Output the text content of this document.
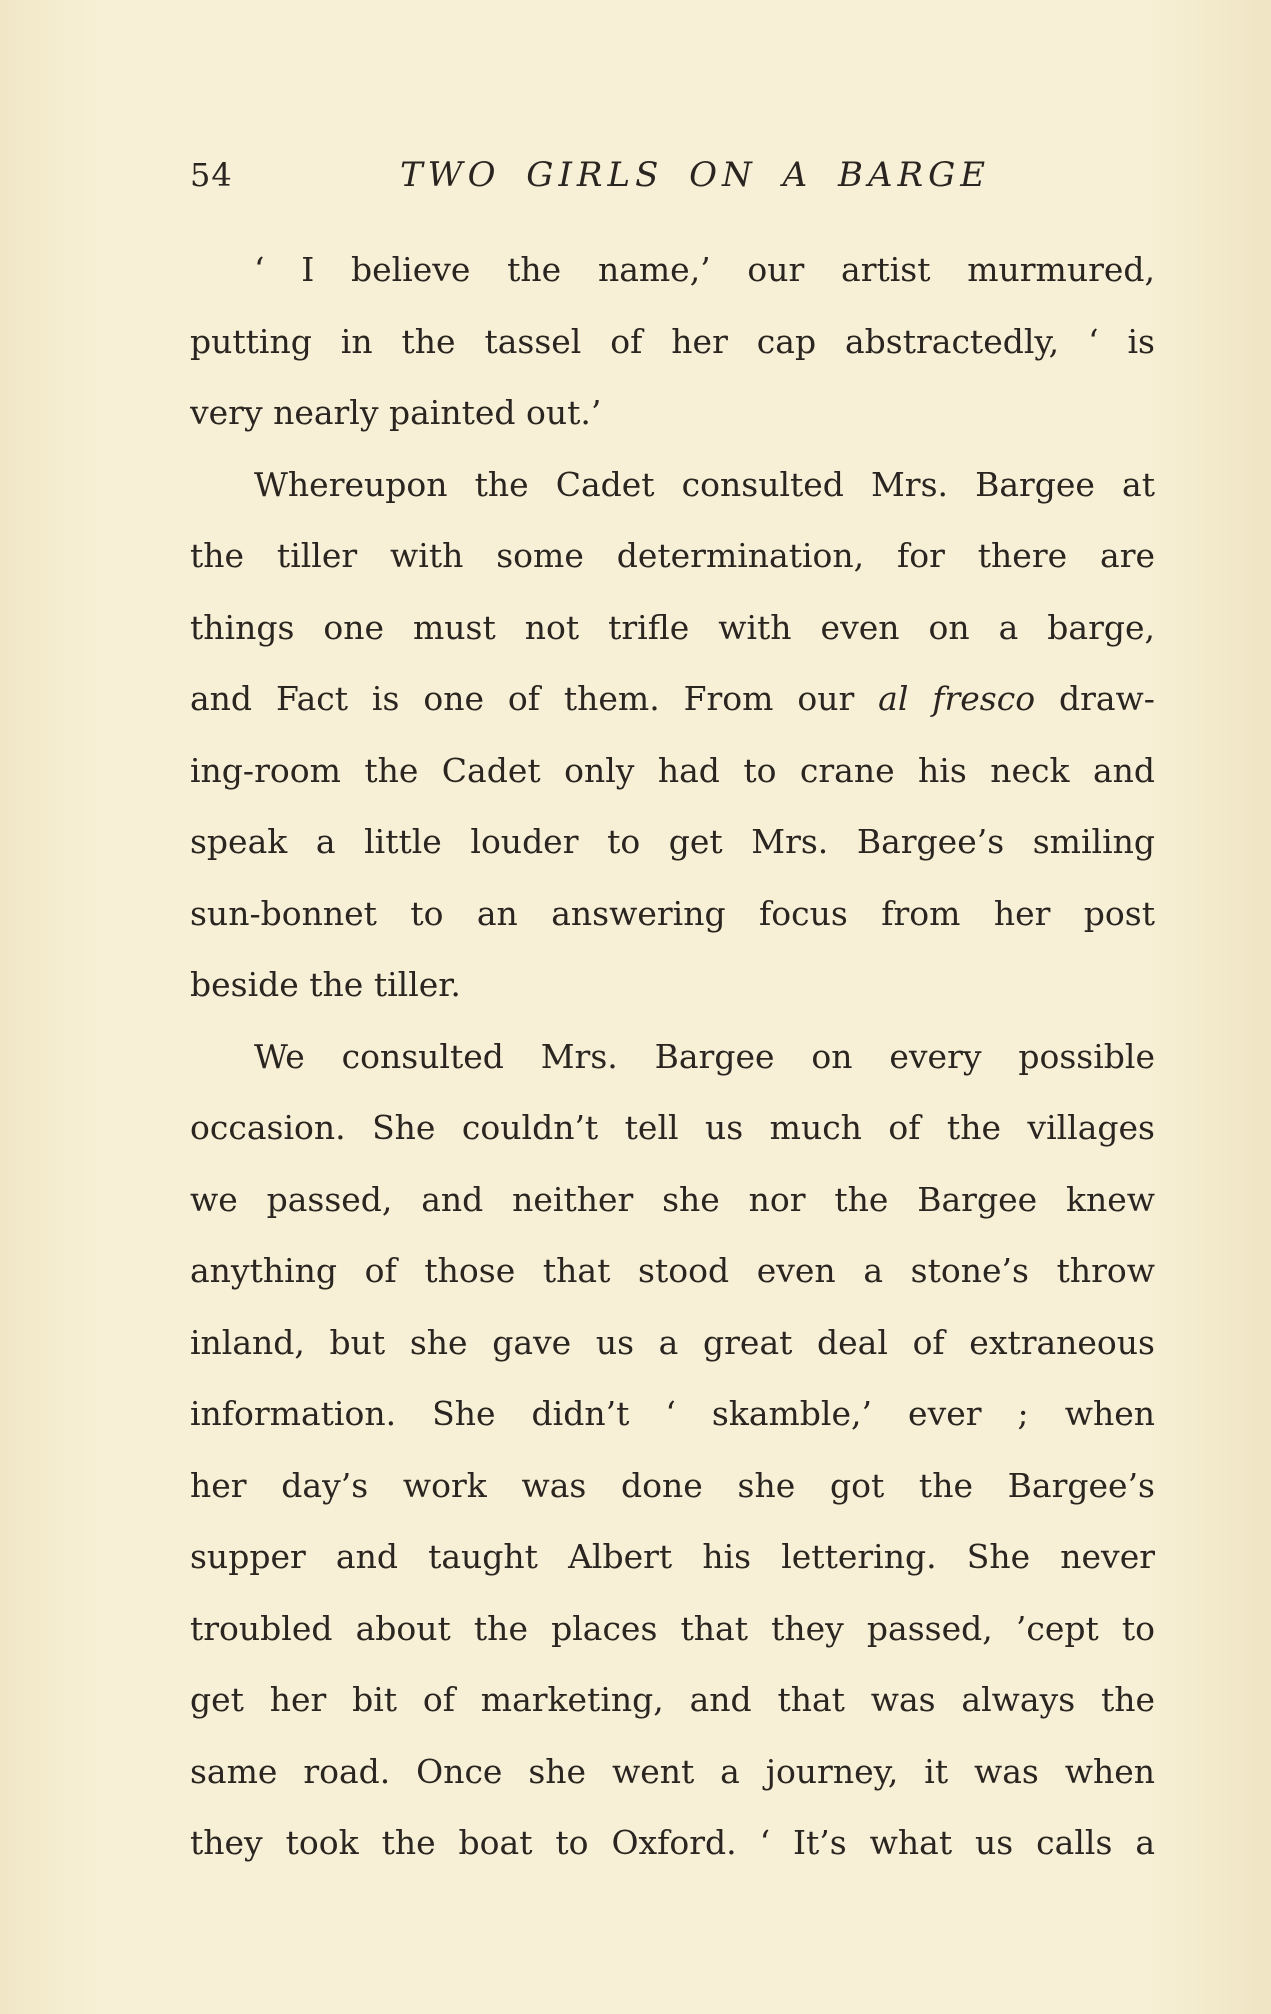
54	TWO GIRLS ON A BARGE
‘ I believe the name,’ our artist murmured,
putting in the tassel of her cap abstractedly, ‘ is
very nearly painted out.’
Whereupon the Cadet consulted Mrs. Bargee at
the tiller with some determination, for there are
things one must not trifle with even on a barge,
and Fact is one of them. From our al fresco draw-
ing-room the Cadet only had to crane his neck and
speak a little louder to get Mrs. Bargee’s smiling
sun-bonnet to an answering focus from her post
beside the tiller.
We consulted Mrs. Bargee on every possible
occasion. She couldn’t tell us much of the villages
we passed, and neither she nor the Bargee knew
anything of those that stood even a stone’s throw
inland, but she gave us a great deal of extraneous
information. She didn’t ‘ skamble,’ ever ; when
her day’s work was done she got the Bargee’s
supper and taught Albert his lettering. She never
troubled about the places that they passed, ’cept to
get her bit of marketing, and that was always the
same road. Once she went a journey, it was when
they took the boat to Oxford. ‘ It’s what us calls a
